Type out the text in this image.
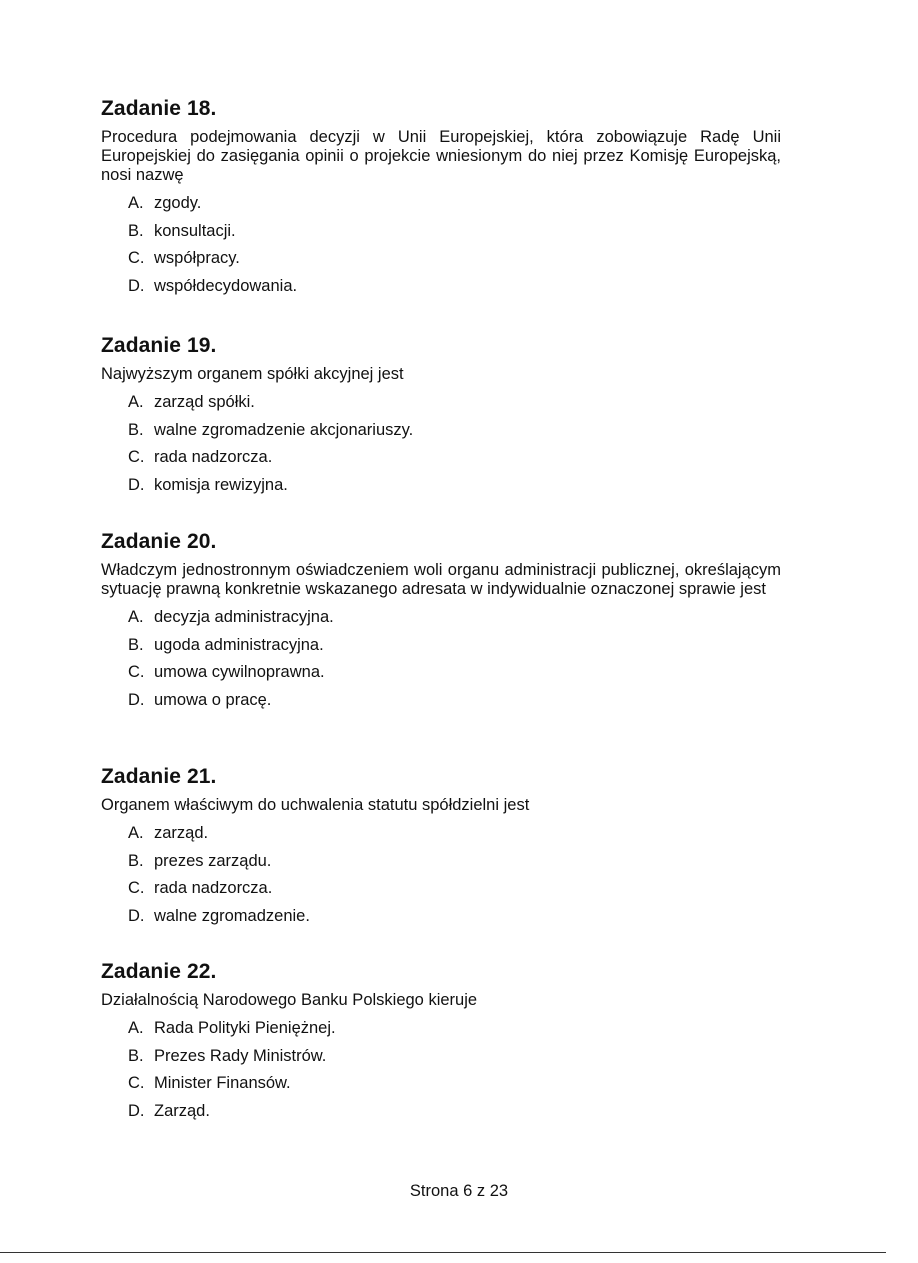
Zadanie 18.

Procedura podejmowania decyzji w Unii Europejskiej, która zobowiązuje Radę Unii Europejskiej do zasięgania opinii o projekcie wniesionym do niej przez Komisję Europejską, nosi nazwę

A. zgody.
B. konsultacji.
C. współpracy.
D. współdecydowania.
Zadanie 19.

Najwyższym organem spółki akcyjnej jest

A. zarząd spółki.
B. walne zgromadzenie akcjonariuszy.
C. rada nadzorcza.
D. komisja rewizyjna.
Zadanie 20.

Władczym jednostronnym oświadczeniem woli organu administracji publicznej, określającym sytuację prawną konkretnie wskazanego adresata w indywidualnie oznaczonej sprawie jest

A. decyzja administracyjna.
B. ugoda administracyjna.
C. umowa cywilnoprawna.
D. umowa o pracę.
Zadanie 21.

Organem właściwym do uchwalenia statutu spółdzielni jest

A. zarząd.
B. prezes zarządu.
C. rada nadzorcza.
D. walne zgromadzenie.
Zadanie 22.

Działalnością Narodowego Banku Polskiego kieruje

A. Rada Polityki Pieniężnej.
B. Prezes Rady Ministrów.
C. Minister Finansów.
D. Zarząd.
Strona 6 z 23
